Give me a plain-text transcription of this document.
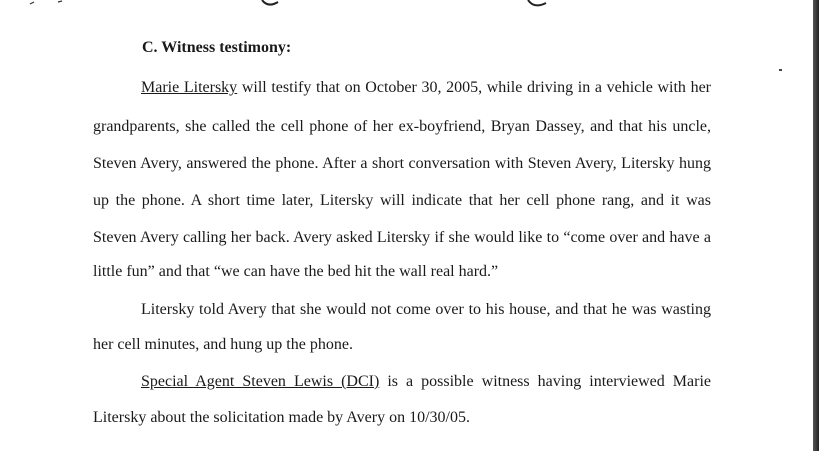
C. Witness testimony:
Marie Litersky will testify that on October 30, 2005, while driving in a vehicle with her
grandparents, she called the cell phone of her ex-boyfriend, Bryan Dassey, and that his uncle,
Steven Avery, answered the phone. After a short conversation with Steven Avery, Litersky hung
up the phone. A short time later, Litersky will indicate that her cell phone rang, and it was
Steven Avery calling her back. Avery asked Litersky if she would like to “come over and have a
little fun” and that “we can have the bed hit the wall real hard.”
Litersky told Avery that she would not come over to his house, and that he was wasting
her cell minutes, and hung up the phone.
Special Agent Steven Lewis (DCI) is a possible witness having interviewed Marie
Litersky about the solicitation made by Avery on 10/30/05.
